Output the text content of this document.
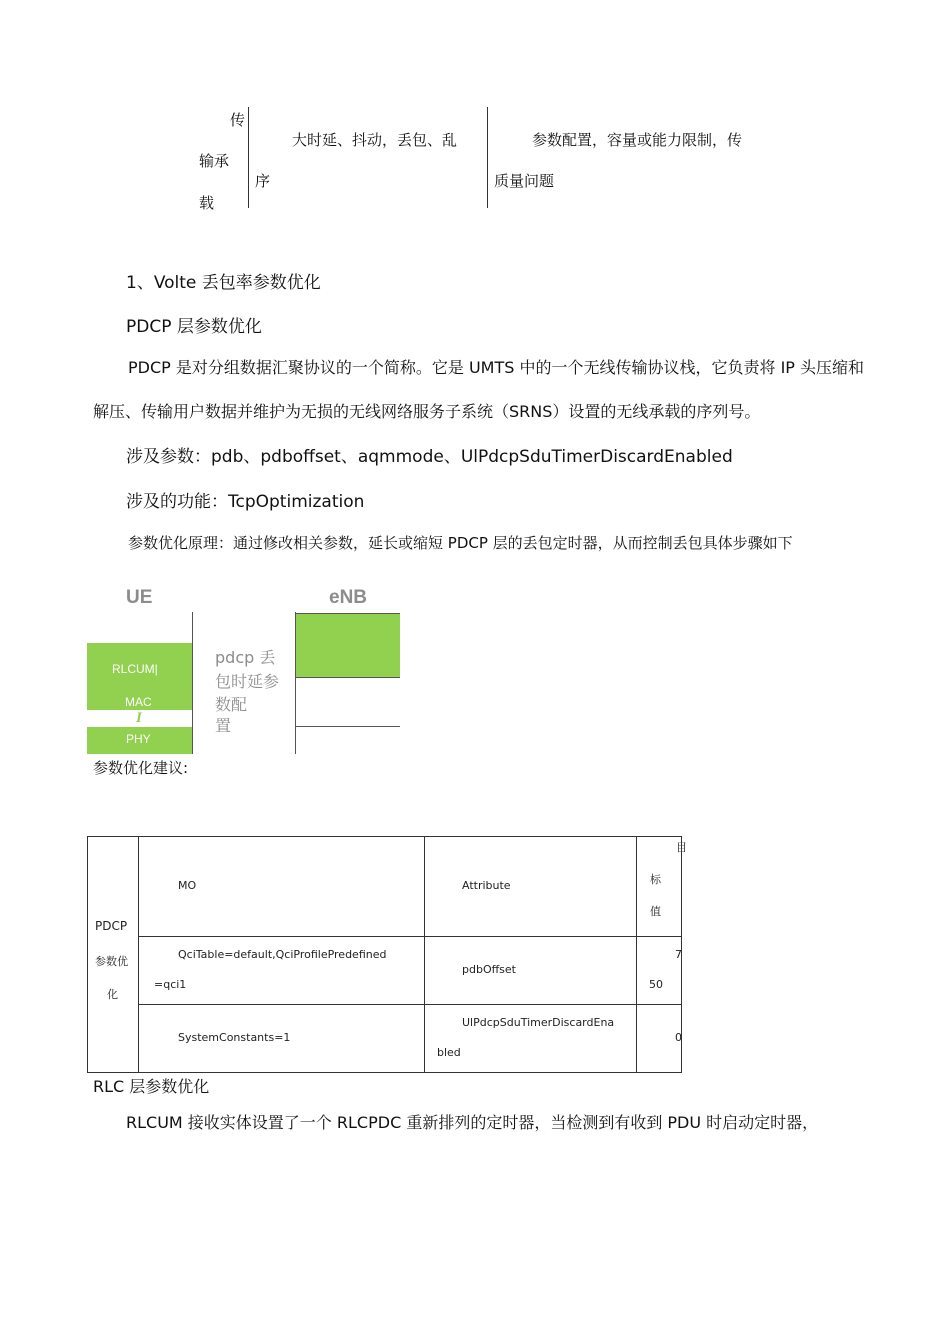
传
输承
载
大时延、抖动，丢包、乱
序
参数配置，容量或能力限制，传
质量问题
1、Volte 丢包率参数优化
PDCP 层参数优化
PDCP 是对分组数据汇聚协议的一个简称。它是 UMTS 中的一个无线传输协议栈，它负责将 IP 头压缩和
解压、传输用户数据并维护为无损的无线网络服务子系统（SRNS）设置的无线承载的序列号。
涉及参数：pdb、pdboffset、aqmmode、UlPdcpSduTimerDiscardEnabled
涉及的功能：TcpOptimization
参数优化原理：通过修改相关参数，延长或缩短 PDCP 层的丢包定时器，从而控制丢包具体步骤如下
UE	eNB
RLCUM|
MAC
I
PHY
pdcp 丢
包时延参
数配
置
参数优化建议:
PDCP
参数优
化
MO	Attribute
目
标
值
QciTable=default,QciProfilePredefined
=qci1
pdbOffset
7
50
SystemConstants=1
UlPdcpSduTimerDiscardEna
bled
0
RLC 层参数优化
RLCUM 接收实体设置了一个 RLCPDC 重新排列的定时器，当检测到有收到 PDU 时启动定时器，
